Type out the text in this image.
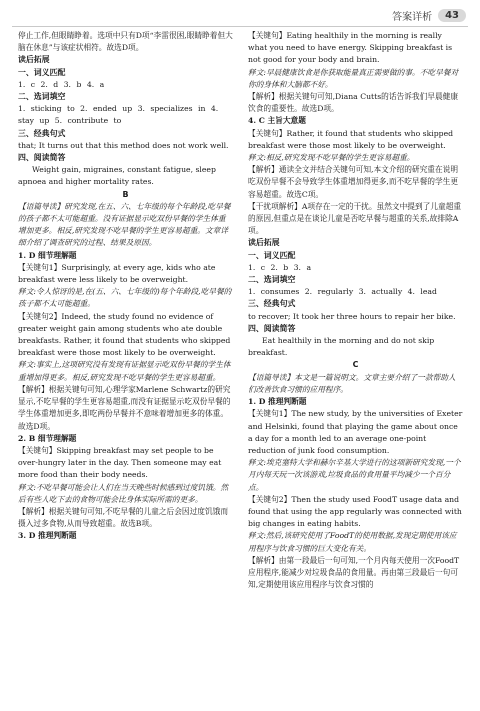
答案详析	43

停止工作,但眼睛睁着。选项中只有D项“李雷很困,眼睛睁着但大脑在休息”与该症状相符。故选D项。

读后拓展

一、词义匹配

1. c 2. d 3. b 4. a

二、选词填空

1. sticking to 2. ended up 3. specializes in 4. stay up 5. contribute to

三、经典句式

that; It turns out that this method does not work well.

四、阅读简答

Weight gain, migraines, constant fatigue, sleep apnoea and higher mortality rates.

B

【语篇导读】研究发现,在五、六、七年级的每个年龄段,吃早餐的孩子都不太可能超重。没有证据显示吃双份早餐的学生体重增加更多。相反,研究发现不吃早餐的学生更容易超重。文章详细介绍了调查研究的过程、结果及原因。

1. D 细节理解题

【关键句1】Surprisingly, at every age, kids who ate breakfast were less likely to be overweight.

释文:令人惊讶的是,在(五、六、七年级的)每个年龄段,吃早餐的孩子都不太可能超重。

【关键句2】Indeed, the study found no evidence of greater weight gain among students who ate double breakfasts. Rather, it found that students who skipped breakfast were those most likely to be overweight.

释文:事实上,这项研究没有发现有证据显示吃双份早餐的学生体重增加得更多。相反,研究发现不吃早餐的学生更容易超重。

【解析】根据关键句可知,心理学家Marlene Schwartz的研究显示,不吃早餐的学生更容易超重,而没有证据显示吃双份早餐的学生体重增加更多,即吃两份早餐并不意味着增加更多的体重。故选D项。

2. B 细节理解题

【关键句】Skipping breakfast may set people to be over-hungry later in the day. Then someone may eat more food than their body needs.

释文:不吃早餐可能会让人们在当天晚些时候感到过度饥饿。然后有些人吃下去的食物可能会比身体实际所需的更多。

【解析】根据关键句可知,不吃早餐的儿童之后会因过度饥饿而摄入过多食物,从而导致超重。故选B项。

3. D 推理判断题

【关键句】Eating healthily in the morning is really what you need to have energy. Skipping breakfast is not good for your body and brain.

释文:早晨健康饮食是你获取能量真正需要做的事。不吃早餐对你的身体和大脑都不好。

【解析】根据关键句可知,Diana Cutts的话告诉我们早晨健康饮食的重要性。故选D项。

4. C 主旨大意题

【关键句】Rather, it found that students who skipped breakfast were those most likely to be overweight.

释文:相反,研究发现不吃早餐的学生更容易超重。

【解析】通读全文并结合关键句可知,本文介绍的研究重在说明吃双份早餐不会导致学生体重增加得更多,而不吃早餐的学生更容易超重。故选C项。

【干扰项解析】A项存在一定的干扰。虽然文中提到了儿童超重的原因,但重点是在谈论儿童是否吃早餐与超重的关系,故排除A项。

读后拓展

一、词义匹配

1. c 2. b 3. a

二、选词填空

1. consumes 2. regularly 3. actually 4. lead

三、经典句式

to recover; It took her three hours to repair her bike.

四、阅读简答

Eat healthily in the morning and do not skip breakfast.

C

【语篇导读】本文是一篇说明文。文章主要介绍了一款帮助人们改善饮食习惯的应用程序。

1. D 推理判断题

【关键句1】The new study, by the universities of Exeter and Helsinki, found that playing the game about once a day for a month led to an average one-point reduction of junk food consumption.

释文:埃克塞特大学和赫尔辛基大学进行的这项新研究发现,一个月内每天玩一次该游戏,垃圾食品的食用量平均减少一个百分点。

【关键句2】Then the study used FoodT usage data and found that using the app regularly was connected with big changes in eating habits.

释文:然后,该研究使用了FoodT的使用数据,发现定期使用该应用程序与饮食习惯的巨大变化有关。

【解析】由第一段最后一句可知,一个月内每天使用一次FoodT应用程序,能减少对垃圾食品的食用量。再由第三段最后一句可知,定期使用该应用程序与饮食习惯的
